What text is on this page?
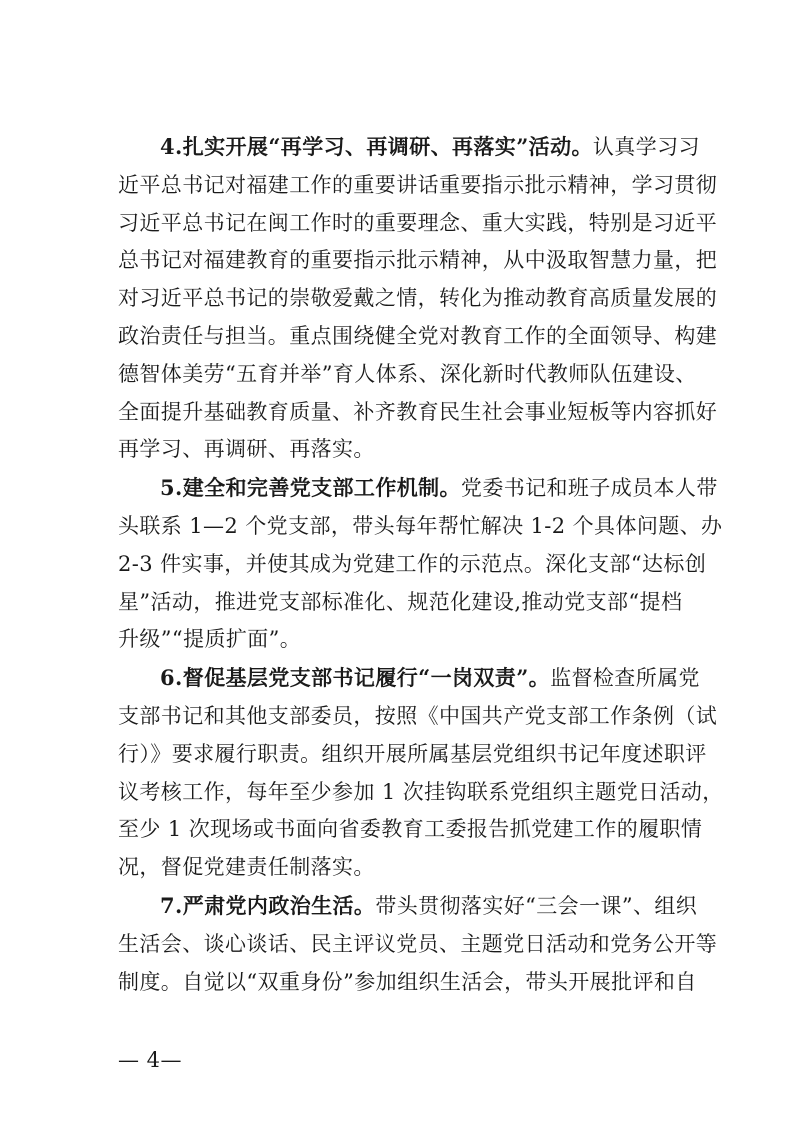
4.扎实开展“再学习、再调研、再落实”活动。认真学习习
近平总书记对福建工作的重要讲话重要指示批示精神，学习贯彻
习近平总书记在闽工作时的重要理念、重大实践，特别是习近平
总书记对福建教育的重要指示批示精神，从中汲取智慧力量，把
对习近平总书记的崇敬爱戴之情，转化为推动教育高质量发展的
政治责任与担当。重点围绕健全党对教育工作的全面领导、构建
德智体美劳“五育并举”育人体系、深化新时代教师队伍建设、
全面提升基础教育质量、补齐教育民生社会事业短板等内容抓好
再学习、再调研、再落实。

5.建全和完善党支部工作机制。党委书记和班子成员本人带
头联系 1—2 个党支部，带头每年帮忙解决 1-2 个具体问题、办
2-3 件实事，并使其成为党建工作的示范点。深化支部“达标创
星”活动，推进党支部标准化、规范化建设,推动党支部“提档
升级”“提质扩面”。

6.督促基层党支部书记履行“一岗双责”。监督检查所属党
支部书记和其他支部委员，按照《中国共产党支部工作条例（试
行）》要求履行职责。组织开展所属基层党组织书记年度述职评
议考核工作，每年至少参加 1 次挂钩联系党组织主题党日活动，
至少 1 次现场或书面向省委教育工委报告抓党建工作的履职情
况，督促党建责任制落实。

7.严肃党内政治生活。带头贯彻落实好“三会一课”、组织
生活会、谈心谈话、民主评议党员、主题党日活动和党务公开等
制度。自觉以“双重身份”参加组织生活会，带头开展批评和自

— 4—
